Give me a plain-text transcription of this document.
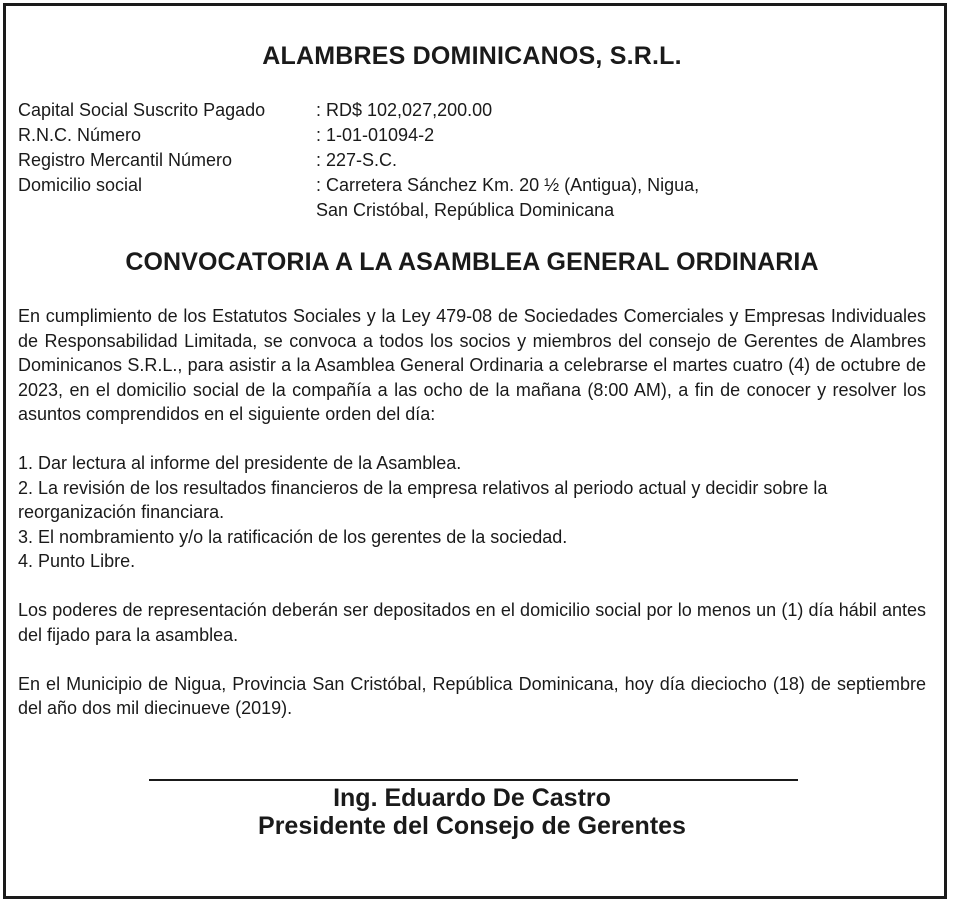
ALAMBRES DOMINICANOS, S.R.L.
Capital Social Suscrito Pagado	: RD$ 102,027,200.00
R.N.C. Número	: 1-01-01094-2
Registro Mercantil Número	: 227-S.C.
Domicilio social	: Carretera Sánchez Km. 20 ½ (Antigua), Nigua,
San Cristóbal, República Dominicana
CONVOCATORIA A LA ASAMBLEA GENERAL ORDINARIA

En cumplimiento de los Estatutos Sociales y la Ley 479-08 de Sociedades Comerciales y Empresas Individuales de Responsabilidad Limitada, se convoca a todos los socios y miembros del consejo de Gerentes de Alambres Dominicanos S.R.L., para asistir a la Asamblea General Ordinaria a celebrarse el martes cuatro (4) de octubre de 2023, en el domicilio social de la compañía a las ocho de la mañana (8:00 AM), a fin de conocer y resolver los asuntos comprendidos en el siguiente orden del día:

1. Dar lectura al informe del presidente de la Asamblea.
2. La revisión de los resultados financieros de la empresa relativos al periodo actual y decidir sobre la reorganización financiara.
3. El nombramiento y/o la ratificación de los gerentes de la sociedad.
4. Punto Libre.

Los poderes de representación deberán ser depositados en el domicilio social por lo menos un (1) día hábil antes del fijado para la asamblea.

En el Municipio de Nigua, Provincia San Cristóbal, República Dominicana, hoy día dieciocho (18) de septiembre del año dos mil diecinueve (2019).

Ing. Eduardo De Castro
Presidente del Consejo de Gerentes
